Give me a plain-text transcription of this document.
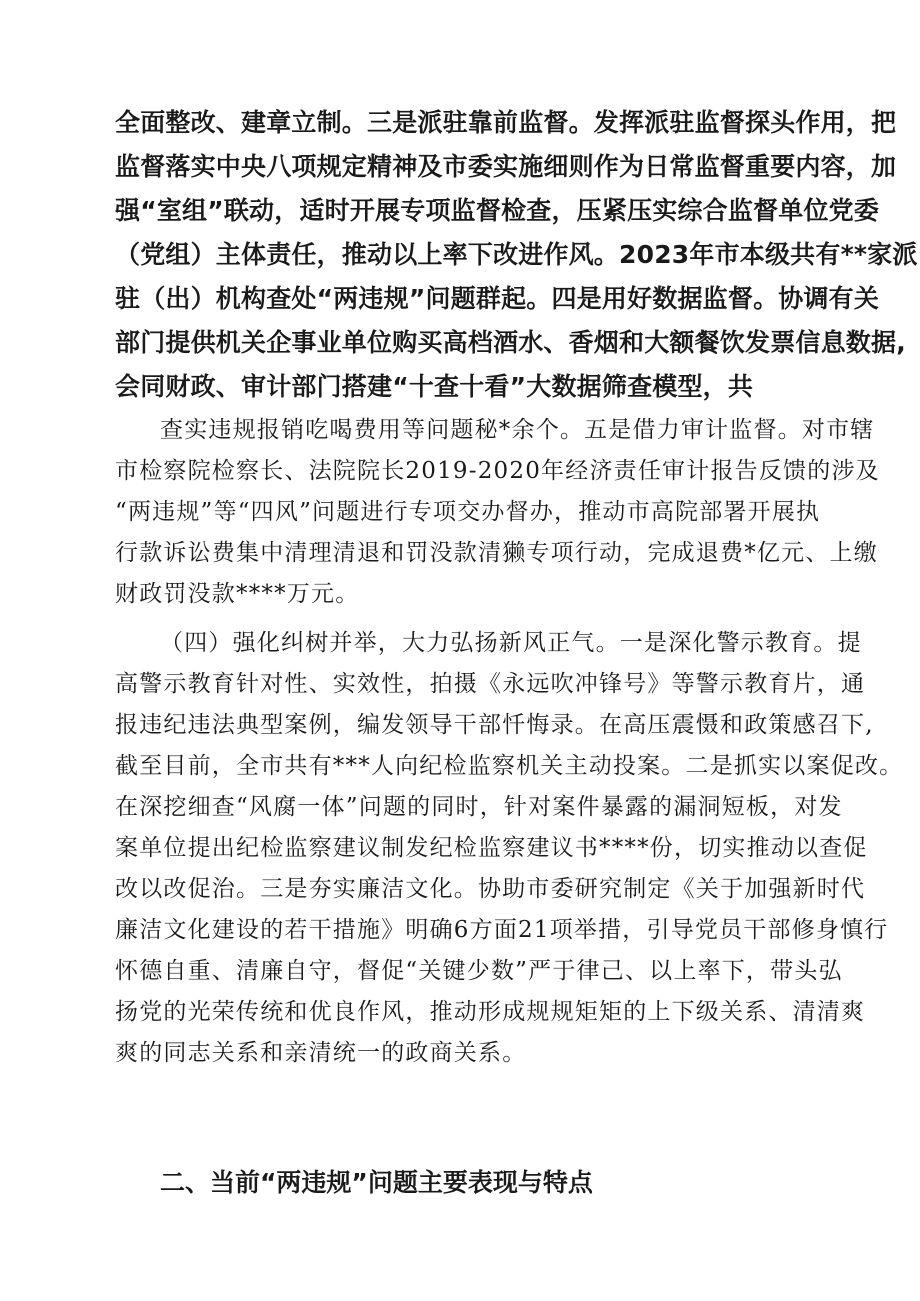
全面整改、建章立制。三是派驻靠前监督。发挥派驻监督探头作用，把
监督落实中央八项规定精神及市委实施细则作为日常监督重要内容，加
强“室组”联动，适时开展专项监督检查，压紧压实综合监督单位党委
（党组）主体责任，推动以上率下改进作风。2023年市本级共有**家派
驻（出）机构查处“两违规”问题群起。四是用好数据监督。协调有关
部门提供机关企事业单位购买高档酒水、香烟和大额餐饮发票信息数据,
会同财政、审计部门搭建“十查十看”大数据筛查模型，共
查实违规报销吃喝费用等问题秘*余个。五是借力审计监督。对市辖
市检察院检察长、法院院长2019-2020年经济责任审计报告反馈的涉及
“两违规”等“四风”问题进行专项交办督办，推动市高院部署开展执
行款诉讼费集中清理清退和罚没款清獭专项行动，完成退费*亿元、上缴
财政罚没款****万元。
（四）强化纠树并举，大力弘扬新风正气。一是深化警示教育。提
高警示教育针对性、实效性，拍摄《永远吹冲锋号》等警示教育片，通
报违纪违法典型案例，编发领导干部忏悔录。在高压震慑和政策感召下,
截至目前，全市共有***人向纪检监察机关主动投案。二是抓实以案促改。
在深挖细查“风腐一体”问题的同时，针对案件暴露的漏洞短板，对发
案单位提出纪检监察建议制发纪检监察建议书****份，切实推动以查促
改以改促治。三是夯实廉洁文化。协助市委研究制定《关于加强新时代
廉洁文化建设的若干措施》明确6方面21项举措，引导党员干部修身慎行
怀德自重、清廉自守，督促“关键少数”严于律己、以上率下，带头弘
扬党的光荣传统和优良作风，推动形成规规矩矩的上下级关系、清清爽
爽的同志关系和亲清统一的政商关系。
二、当前“两违规”问题主要表现与特点
